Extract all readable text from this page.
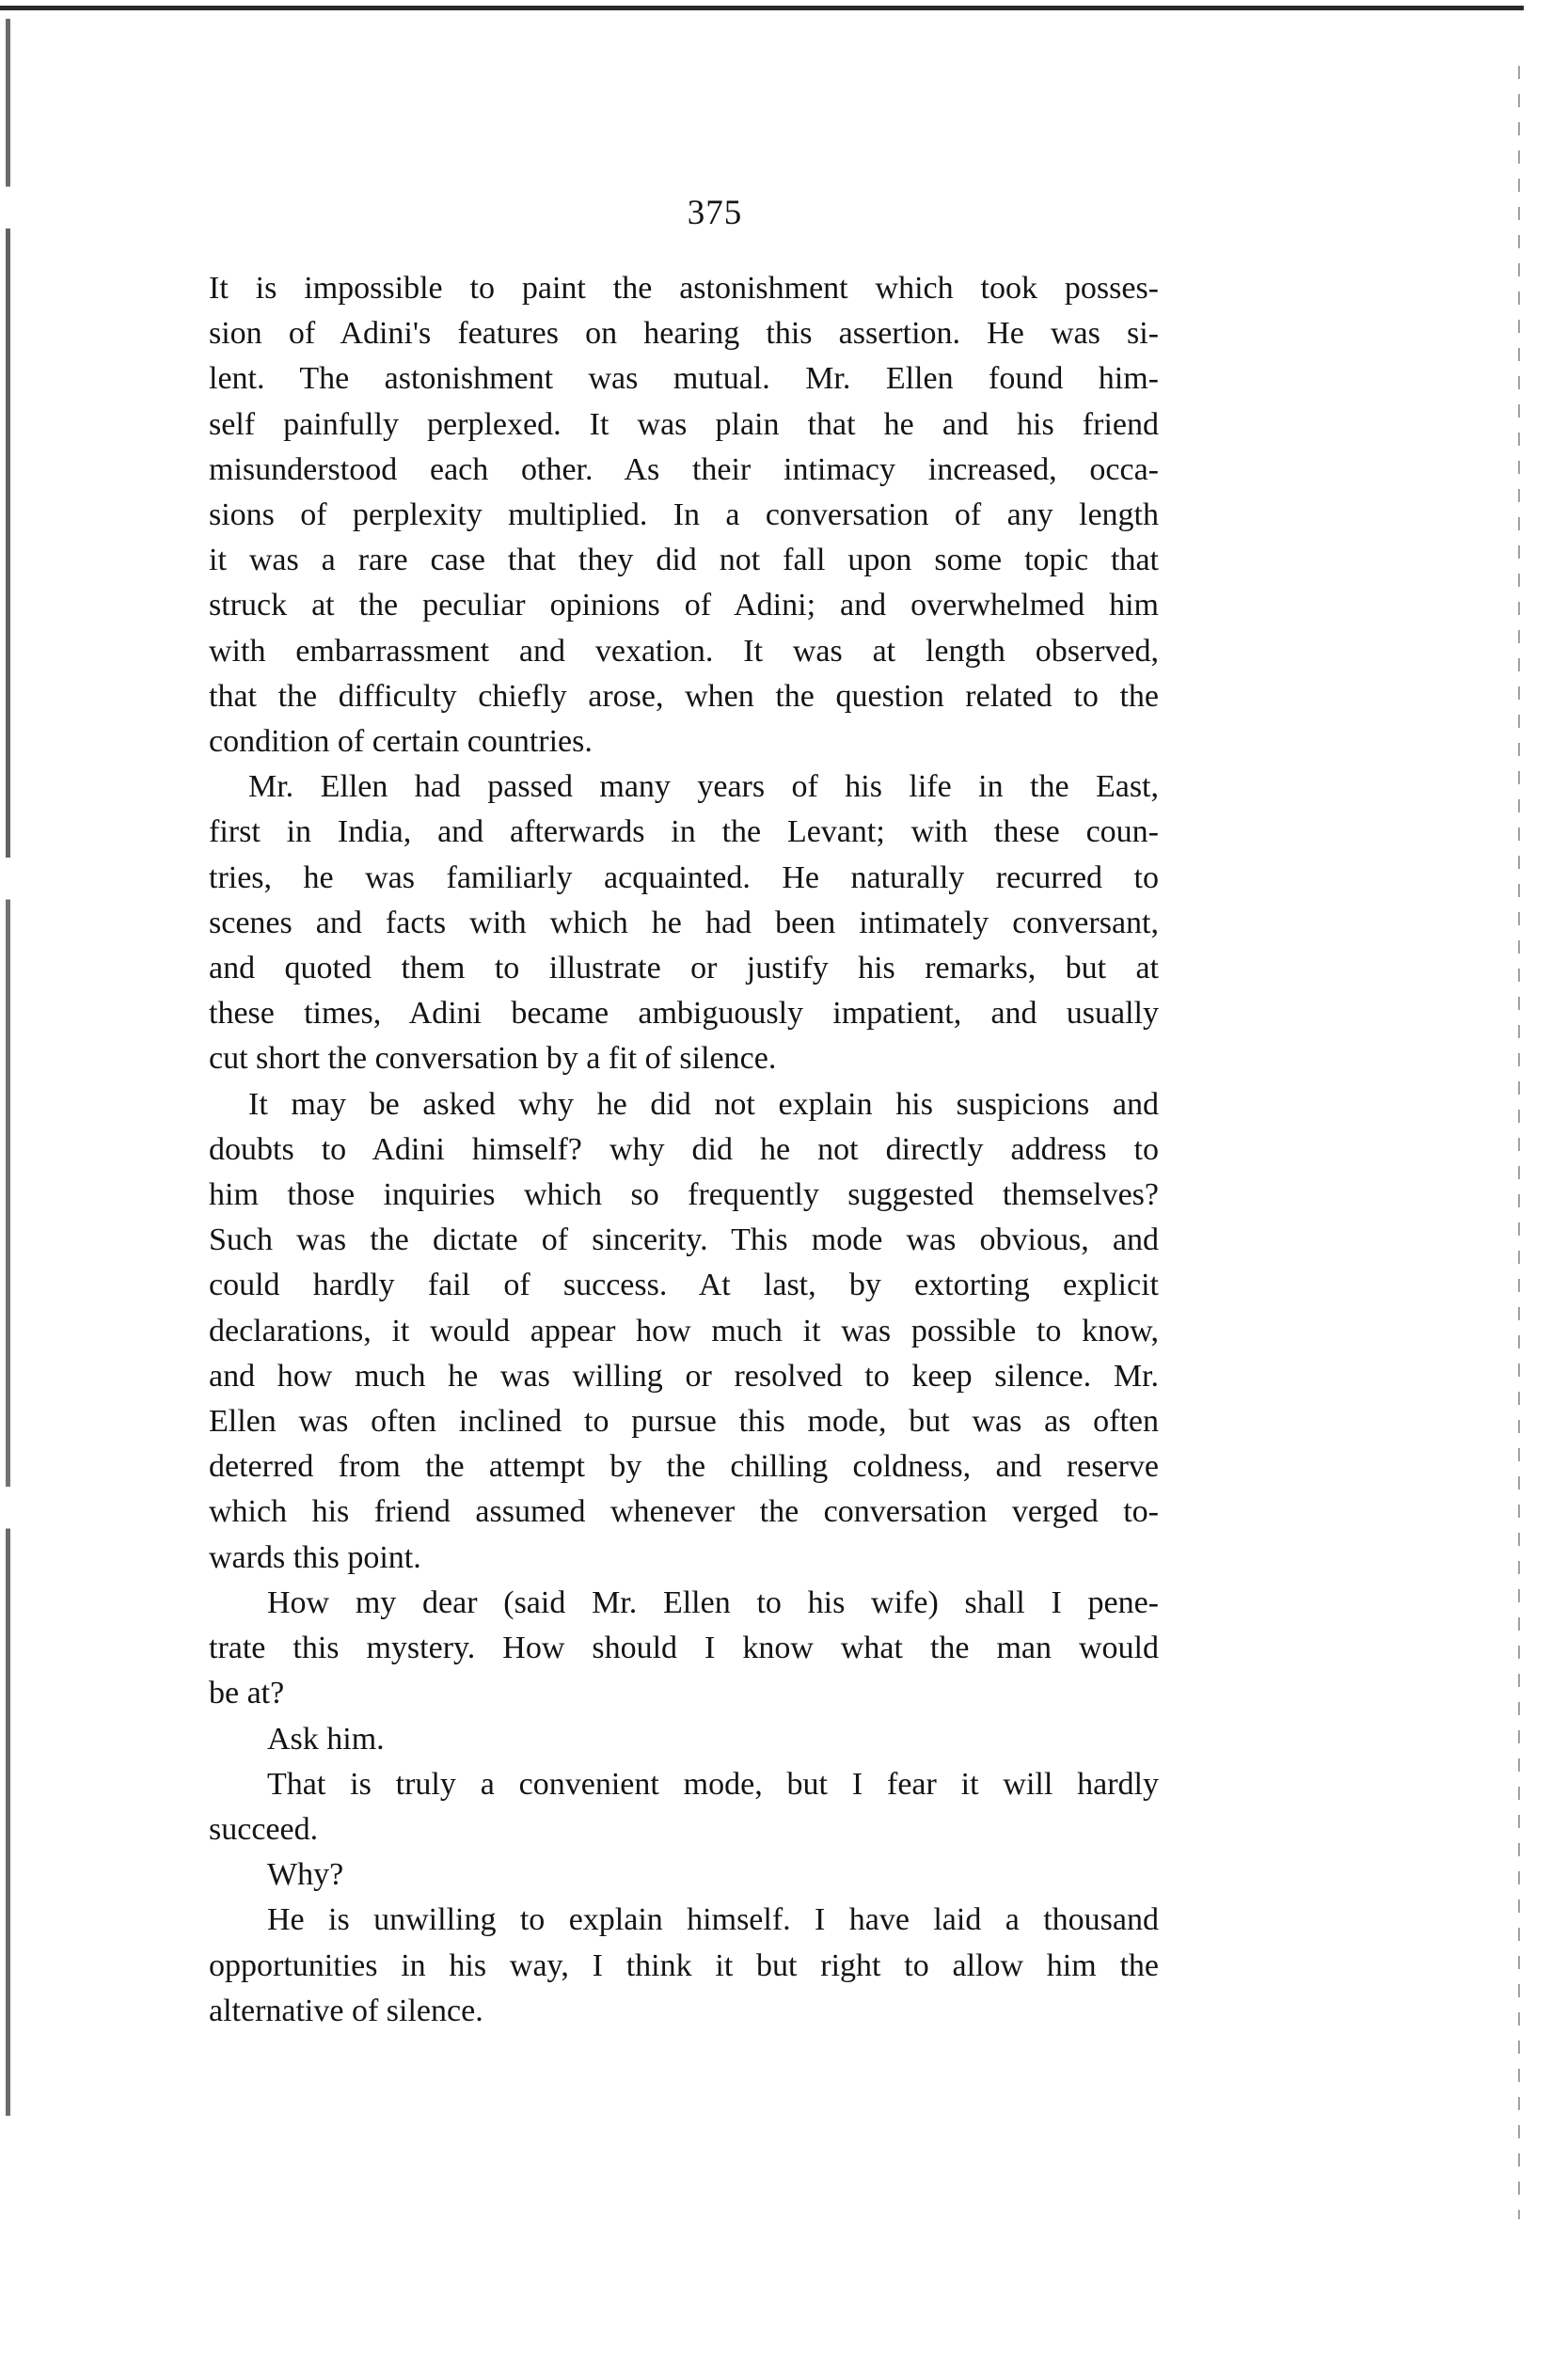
375
It is impossible to paint the astonishment which took posses-
sion of Adini's features on hearing this assertion. He was si-
lent. The astonishment was mutual. Mr. Ellen found him-
self painfully perplexed. It was plain that he and his friend
misunderstood each other. As their intimacy increased, occa-
sions of perplexity multiplied. In a conversation of any length
it was a rare case that they did not fall upon some topic that
struck at the peculiar opinions of Adini; and overwhelmed him
with embarrassment and vexation. It was at length observed,
that the difficulty chiefly arose, when the question related to the
condition of certain countries.
Mr. Ellen had passed many years of his life in the East,
first in India, and afterwards in the Levant; with these coun-
tries, he was familiarly acquainted. He naturally recurred to
scenes and facts with which he had been intimately conversant,
and quoted them to illustrate or justify his remarks, but at
these times, Adini became ambiguously impatient, and usually
cut short the conversation by a fit of silence.
It may be asked why he did not explain his suspicions and
doubts to Adini himself? why did he not directly address to
him those inquiries which so frequently suggested themselves?
Such was the dictate of sincerity. This mode was obvious, and
could hardly fail of success. At last, by extorting explicit
declarations, it would appear how much it was possible to know,
and how much he was willing or resolved to keep silence. Mr.
Ellen was often inclined to pursue this mode, but was as often
deterred from the attempt by the chilling coldness, and reserve
which his friend assumed whenever the conversation verged to-
wards this point.
How my dear (said Mr. Ellen to his wife) shall I pene-
trate this mystery. How should I know what the man would
be at?
Ask him.
That is truly a convenient mode, but I fear it will hardly
succeed.
Why?
He is unwilling to explain himself. I have laid a thousand
opportunities in his way, I think it but right to allow him the
alternative of silence.
